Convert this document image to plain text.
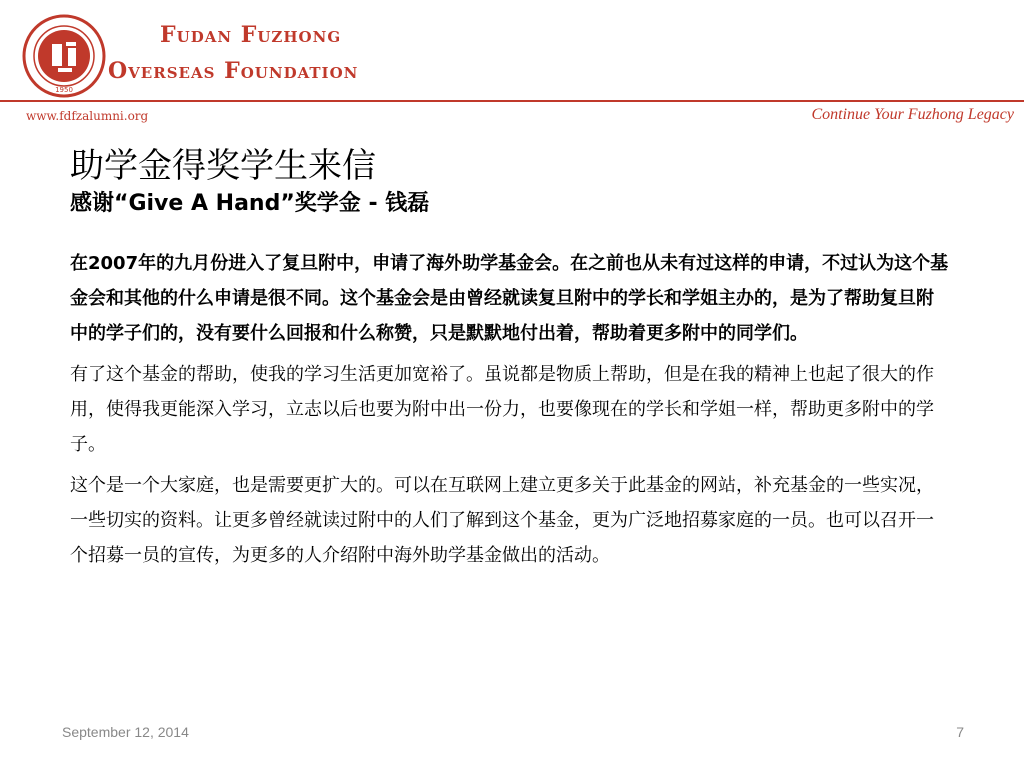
1950
Fudan Fuzhong
Overseas Foundation
www.fdfzalumni.org	Continue Your Fuzhong Legacy
助学金得奖学生来信
感谢“Give A Hand”奖学金 - 钱磊

在2007年的九月份进入了复旦附中，申请了海外助学基金会。在之前也从未有过这样的申请，不过认为这个基金会和其他的什么申请是很不同。这个基金会是由曾经就读复旦附中的学长和学姐主办的，是为了帮助复旦附中的学子们的，没有要什么回报和什么称赞，只是默默地付出着，帮助着更多附中的同学们。

有了这个基金的帮助，使我的学习生活更加宽裕了。虽说都是物质上帮助，但是在我的精神上也起了很大的作用，使得我更能深入学习，立志以后也要为附中出一份力，也要像现在的学长和学姐一样，帮助更多附中的学子。

这个是一个大家庭，也是需要更扩大的。可以在互联网上建立更多关于此基金的网站，补充基金的一些实况，一些切实的资料。让更多曾经就读过附中的人们了解到这个基金，更为广泛地招募家庭的一员。也可以召开一个招募一员的宣传，为更多的人介绍附中海外助学基金做出的活动。

September 12, 2014	7
